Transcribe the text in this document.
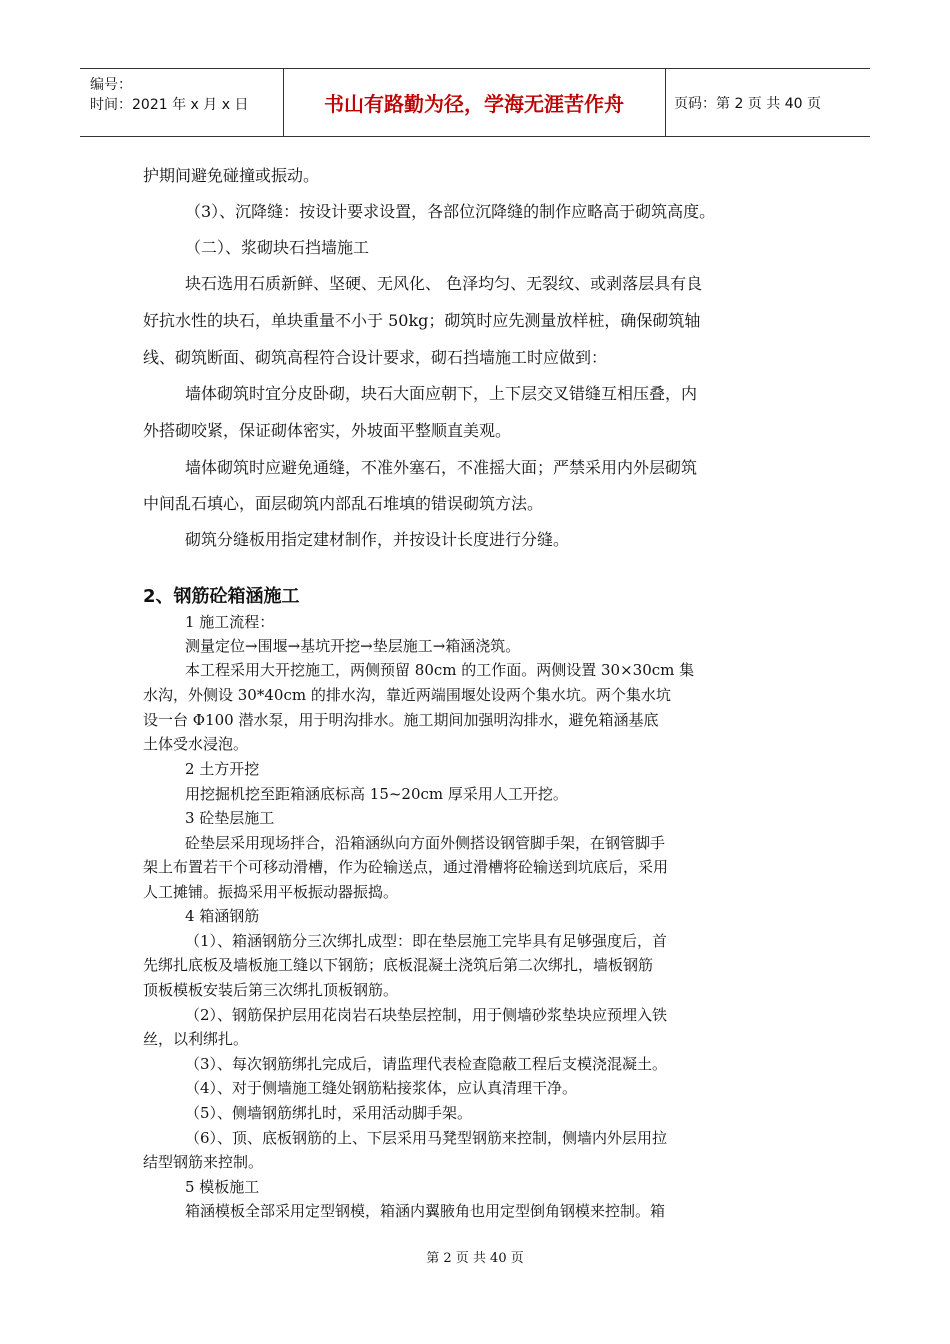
编号：
时间：2021 年 x 月 x 日	书山有路勤为径，学海无涯苦作舟	页码：第 2 页 共 40 页
护期间避免碰撞或振动。
（3）、沉降缝：按设计要求设置，各部位沉降缝的制作应略高于砌筑高度。
（二）、浆砌块石挡墙施工
块石选用石质新鲜、坚硬、无风化、 色泽均匀、无裂纹、或剥落层具有良
好抗水性的块石，单块重量不小于 50kg；砌筑时应先测量放样桩，确保砌筑轴
线、砌筑断面、砌筑高程符合设计要求，砌石挡墙施工时应做到：
墙体砌筑时宜分皮卧砌，块石大面应朝下，上下层交叉错缝互相压叠，内
外搭砌咬紧，保证砌体密实，外坡面平整顺直美观。
墙体砌筑时应避免通缝，不准外塞石，不准摇大面；严禁采用内外层砌筑
中间乱石填心，面层砌筑内部乱石堆填的错误砌筑方法。
砌筑分缝板用指定建材制作，并按设计长度进行分缝。
2、钢筋砼箱涵施工
1 施工流程：
测量定位→围堰→基坑开挖→垫层施工→箱涵浇筑。
本工程采用大开挖施工，两侧预留 80cm 的工作面。两侧设置 30×30cm 集
水沟，外侧设 30*40cm 的排水沟，靠近两端围堰处设两个集水坑。两个集水坑
设一台 Φ100 潜水泵，用于明沟排水。施工期间加强明沟排水，避免箱涵基底
土体受水浸泡。
2 土方开挖
用挖掘机挖至距箱涵底标高 15~20cm 厚采用人工开挖。
3 砼垫层施工
砼垫层采用现场拌合，沿箱涵纵向方面外侧搭设钢管脚手架，在钢管脚手
架上布置若干个可移动滑槽，作为砼输送点，通过滑槽将砼输送到坑底后，采用
人工摊铺。振捣采用平板振动器振捣。
4 箱涵钢筋
（1）、箱涵钢筋分三次绑扎成型：即在垫层施工完毕具有足够强度后，首
先绑扎底板及墙板施工缝以下钢筋；底板混凝土浇筑后第二次绑扎，墙板钢筋
顶板模板安装后第三次绑扎顶板钢筋。
（2）、钢筋保护层用花岗岩石块垫层控制，用于侧墙砂浆垫块应预埋入铁
丝，以利绑扎。
（3）、每次钢筋绑扎完成后，请监理代表检查隐蔽工程后支模浇混凝土。
（4）、对于侧墙施工缝处钢筋粘接浆体，应认真清理干净。
（5）、侧墙钢筋绑扎时，采用活动脚手架。
（6）、顶、底板钢筋的上、下层采用马凳型钢筋来控制，侧墙内外层用拉
结型钢筋来控制。
5 模板施工
箱涵模板全部采用定型钢模，箱涵内翼腋角也用定型倒角钢模来控制。箱
第 2 页 共 40 页
